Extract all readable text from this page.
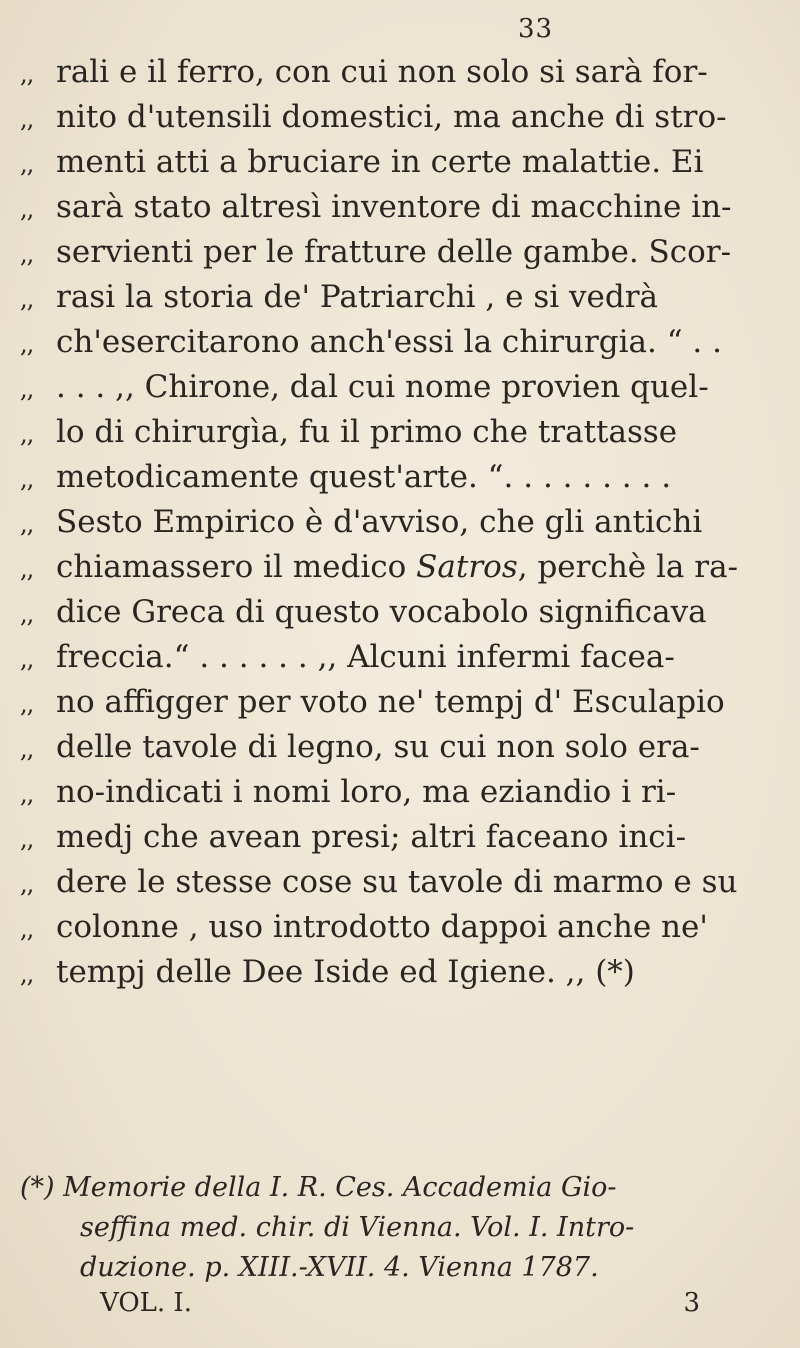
33
,, rali e il ferro, con cui non solo si sarà for-
,, nito d'utensili domestici, ma anche di stro-
,, menti atti a bruciare in certe malattie. Ei
,, sarà stato altresì inventore di macchine in-
,, servienti per le fratture delle gambe. Scor-
,, rasi la storia de' Patriarchi , e si vedrà
,, ch'esercitarono anch'essi la chirurgia. “ . .
,, . . . ,, Chirone, dal cui nome provien quel-
,, lo di chirurgìa, fu il primo che trattasse
,, metodicamente quest'arte. “. . . . . . . . .
,, Sesto Empirico è d'avviso, che gli antichi
,, chiamassero il medico Satros, perchè la ra-
,, dice Greca di questo vocabolo significava
,, freccia.“ . . . . . . ,, Alcuni infermi facea-
,, no affigger per voto ne' tempj d' Esculapio
,, delle tavole di legno, su cui non solo era-
,, no-indicati i nomi loro, ma eziandio i ri-
,, medj che avean presi; altri faceano inci-
,, dere le stesse cose su tavole di marmo e su
,, colonne , uso introdotto dappoi anche ne'
,, tempj delle Dee Iside ed Igiene. ,, (*)
(*) Memorie della I. R. Ces. Accademia Gio-
seffina med. chir. di Vienna. Vol. I. Intro-
duzione. p. XIII.-XVII. 4. Vienna 1787.
VOL. I.	3
